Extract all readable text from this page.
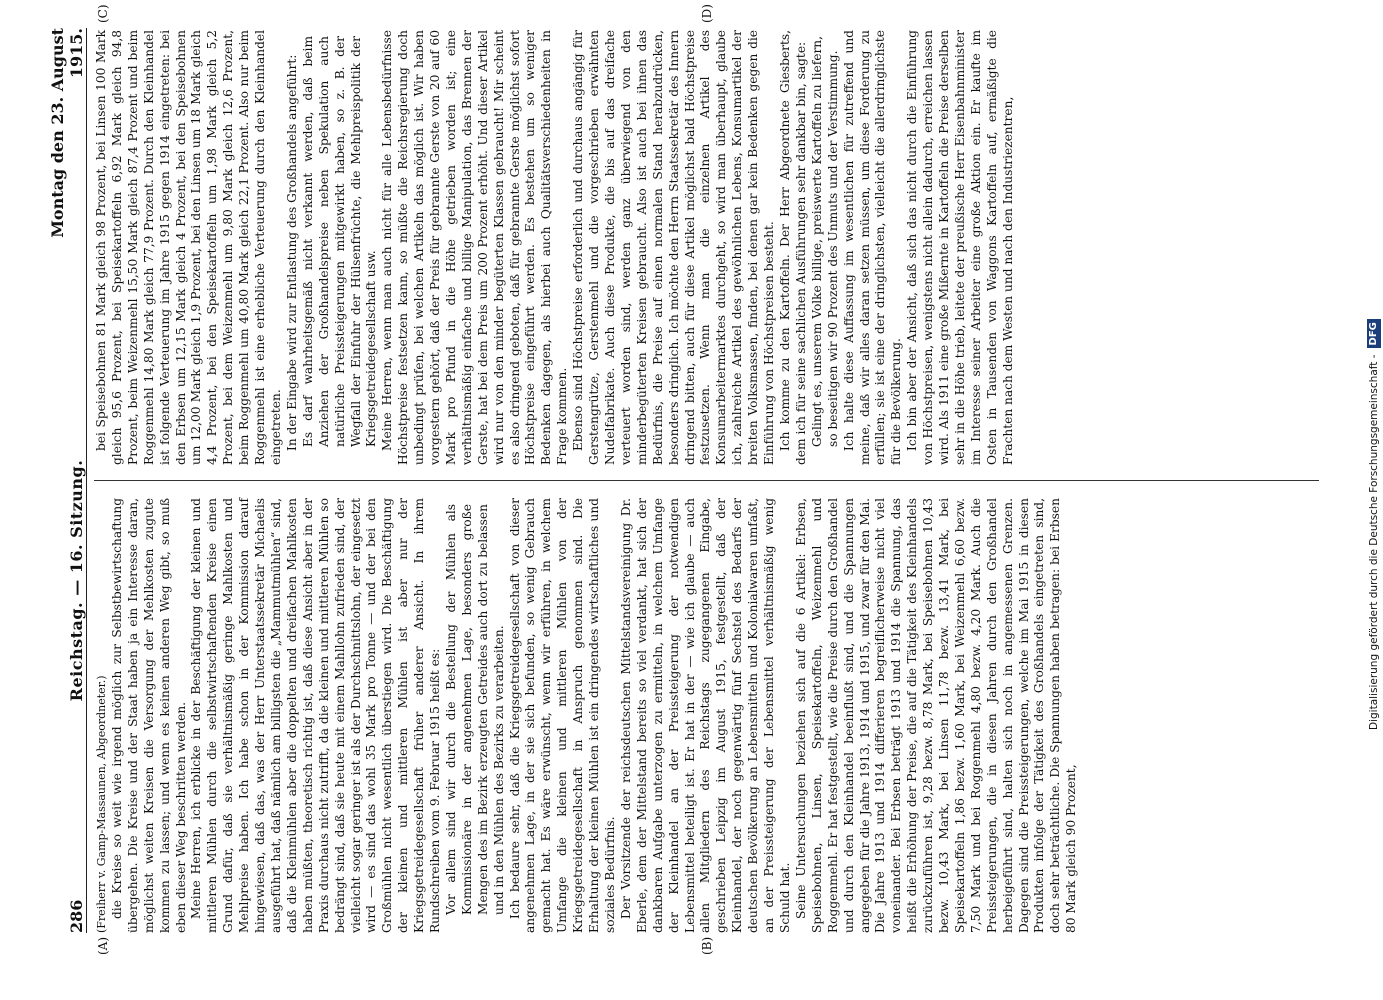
286
Reichstag. — 16. Sitzung.
Montag den 23. August 1915.

(Freiherr v. Gamp-Massaunen, Abgeordneter.) die Kreise so weit wie irgend möglich zur Selbstbewirtschaftung übergehen. Die Kreise und der Staat haben ja ein Interesse daran, möglichst weiten Kreisen die Versorgung der Mehlkosten zugute kommen zu lassen; und wenn es keinen anderen Weg gibt, so muß eben dieser Weg beschritten werden. Meine Herren, ich erblicke in der Beschäftigung der kleinen und mittleren Mühlen durch die selbstwirtschaftenden Kreise einen Grund dafür, daß sie verhältnismäßig geringe Mahlkosten und Mehlpreise haben. Ich habe schon in der Kommission darauf hingewiesen, daß das, was der Herr Unterstaatssekretär Michaelis ausgeführt hat, daß nämlich am billigsten die „Mammutmühlen“ sind, daß die Kleinmühlen aber die doppelten und dreifachen Mahlkosten haben müßten, theoretisch richtig ist, daß diese Ansicht aber in der Praxis durchaus nicht zutrifft, da die kleinen und mittleren Mühlen so bedrängt sind, daß sie heute mit einem Mahllohn zufrieden sind, der vielleicht sogar geringer ist als der Durchschnittslohn, der eingesetzt wird — es sind das wohl 35 Mark pro Tonne — und der bei den Großmühlen nicht wesentlich überstiegen wird. Die Beschäftigung der kleinen und mittleren Mühlen ist aber nur der Kriegsgetreidegesellschaft früher anderer Ansicht. In ihrem Rundschreiben vom 9. Februar 1915 heißt es: Vor allem sind wir durch die Bestellung der Mühlen als Kommissionäre in der angenehmen Lage, besonders große Mengen des im Bezirk erzeugten Getreides auch dort zu belassen und in den Mühlen des Bezirks zu verarbeiten. Ich bedaure sehr, daß die Kriegsgetreidegesellschaft von dieser angenehmen Lage, in der sie sich befunden, so wenig Gebrauch gemacht hat. Es wäre erwünscht, wenn wir erführen, in welchem Umfange die kleinen und mittleren Mühlen von der Kriegsgetreidegesellschaft in Anspruch genommen sind. Die Erhaltung der kleinen Mühlen ist ein dringendes wirtschaftliches und soziales Bedürfnis. Der Vorsitzende der reichsdeutschen Mittelstandsvereinigung Dr. Eberle, dem der Mittelstand bereits so viel verdankt, hat sich der dankbaren Aufgabe unterzogen zu ermitteln, in welchem Umfange der Kleinhandel an der Preissteigerung der notwendigen Lebensmittel beteiligt ist. Er hat in der — wie ich glaube — auch allen Mitgliedern des Reichstags zugegangenen Eingabe, geschrieben Leipzig im August 1915, festgestellt, daß der Kleinhandel, der noch gegenwärtig fünf Sechstel des Bedarfs der deutschen Bevölkerung an Lebensmitteln und Kolonialwaren umfaßt, an der Preissteigerung der Lebensmittel verhältnismäßig wenig Schuld hat. Seine Untersuchungen beziehen sich auf die 6 Artikel: Erbsen, Speisebohnen, Linsen, Speisekartoffeln, Weizenmehl und Roggenmehl. Er hat festgestellt, wie die Preise durch den Großhandel und durch den Kleinhandel beeinflußt sind, und die Spannungen angegeben für die Jahre 1913, 1914 und 1915, und zwar für den Mai. Die Jahre 1913 und 1914 differieren begreiflicherweise nicht viel voneinander. Bei Erbsen beträgt 1913 und 1914 die Spannung, das heißt die Erhöhung der Preise, die auf die Tätigkeit des Kleinhandels zurückzuführen ist, 9,28 bezw. 8,78 Mark, bei Speisebohnen 10,43 bezw. 10,43 Mark, bei Linsen 11,78 bezw. 13,41 Mark, bei Speisekartoffeln 1,86 bezw. 1,60 Mark, bei Weizenmehl 6,60 bezw. 7,50 Mark und bei Roggenmehl 4,80 bezw. 4,20 Mark. Auch die Preissteigerungen, die in diesen Jahren durch den Großhandel herbeigeführt sind, halten sich noch in angemessenen Grenzen. Dagegen sind die Preissteigerungen, welche im Mai 1915 in diesen Produkten infolge der Tätigkeit des Großhandels eingetreten sind, doch sehr beträchtliche. Die Spannungen haben betragen: bei Erbsen 80 Mark gleich 90 Prozent,

bei Speisebohnen 81 Mark gleich 98 Prozent, bei Linsen 100 Mark gleich 95,6 Prozent, bei Speisekartoffeln 6,92 Mark gleich 94,8 Prozent, beim Weizenmehl 15,50 Mark gleich 87,4 Prozent und beim Roggenmehl 14,80 Mark gleich 77,9 Prozent. Durch den Kleinhandel ist folgende Verteuerung im Jahre 1915 gegen 1914 eingetreten: bei den Erbsen um 12,15 Mark gleich 4 Prozent, bei den Speisebohnen um 12,00 Mark gleich 1,9 Prozent, bei den Linsen um 18 Mark gleich 4,4 Prozent, bei den Speisekartoffeln um 1,98 Mark gleich 5,2 Prozent, bei dem Weizenmehl um 9,80 Mark gleich 12,6 Prozent, beim Roggenmehl um 40,80 Mark gleich 22,1 Prozent. Also nur beim Roggenmehl ist eine erhebliche Verteuerung durch den Kleinhandel eingetreten. In der Eingabe wird zur Entlastung des Großhandels angeführt: Es darf wahrheitsgemäß nicht verkannt werden, daß beim Anziehen der Großhandelspreise neben Spekulation auch natürliche Preissteigerungen mitgewirkt haben, so z. B. der Wegfall der Einfuhr der Hülsenfrüchte, die Mehlpreispolitik der Kriegsgetreidegesellschaft usw. Meine Herren, wenn man auch nicht für alle Lebensbedürfnisse Höchstpreise festsetzen kann, so müßte die Reichsregierung doch unbedingt prüfen, bei welchen Artikeln das möglich ist. Wir haben vorgestern gehört, daß der Preis für gebrannte Gerste von 20 auf 60 Mark pro Pfund in die Höhe getrieben worden ist; eine verhältnismäßig einfache und billige Manipulation, das Brennen der Gerste, hat bei dem Preis um 200 Prozent erhöht. Und dieser Artikel wird nur von den minder begüterten Klassen gebraucht! Mir scheint es also dringend geboten, daß für gebrannte Gerste möglichst sofort Höchstpreise eingeführt werden. Es bestehen um so weniger Bedenken dagegen, als hierbei auch Qualitätsverschiedenheiten in Frage kommen. Ebenso sind Höchstpreise erforderlich und durchaus angängig für Gerstengrütze, Gerstenmehl und die vorgeschrieben erwähnten Nudelfabrikate. Auch diese Produkte, die bis auf das dreifache verteuert worden sind, werden ganz überwiegend von den minderbegüterten Kreisen gebraucht. Also ist auch bei ihnen das Bedürfnis, die Preise auf einen normalen Stand herabzudrücken, besonders dringlich. Ich möchte den Herrn Staatssekretär des Innern dringend bitten, auch für diese Artikel möglichst bald Höchstpreise festzusetzen. Wenn man die einzelnen Artikel des Konsumarbeitermarktes durchgeht, so wird man überhaupt, glaube ich, zahlreiche Artikel des gewöhnlichen Lebens, Konsumartikel der breiten Volksmassen, finden, bei denen gar kein Bedenken gegen die Einführung von Höchstpreisen besteht. Ich komme zu den Kartoffeln. Der Herr Abgeordnete Giesberts, dem ich für seine sachlichen Ausführungen sehr dankbar bin, sagte: Gelingt es, unserem Volke billige, preiswerte Kartoffeln zu liefern, so beseitigen wir 90 Prozent des Unmuts und der Verstimmung. Ich halte diese Auffassung im wesentlichen für zutreffend und meine, daß wir alles daran setzen müssen, um diese Forderung zu erfüllen; sie ist eine der dringlichsten, vielleicht die allerdringlichste für die Bevölkerung. Ich bin aber der Ansicht, daß sich das nicht durch die Einführung von Höchstpreisen, wenigstens nicht allein dadurch, erreichen lassen wird. Als 1911 eine große Mißernte in Kartoffeln die Preise derselben sehr in die Höhe trieb, leitete der preußische Herr Eisenbahnminister im Interesse seiner Arbeiter eine große Aktion ein. Er kaufte im Osten in Tausenden von Waggons Kartoffeln auf, ermäßigte die Frachten nach dem Westen und nach den Industriezentren,

(A)	(B)
(C)	(D)
Digitalisierung gefördert durch die Deutsche Forschungsgemeinschaft -
DFG
